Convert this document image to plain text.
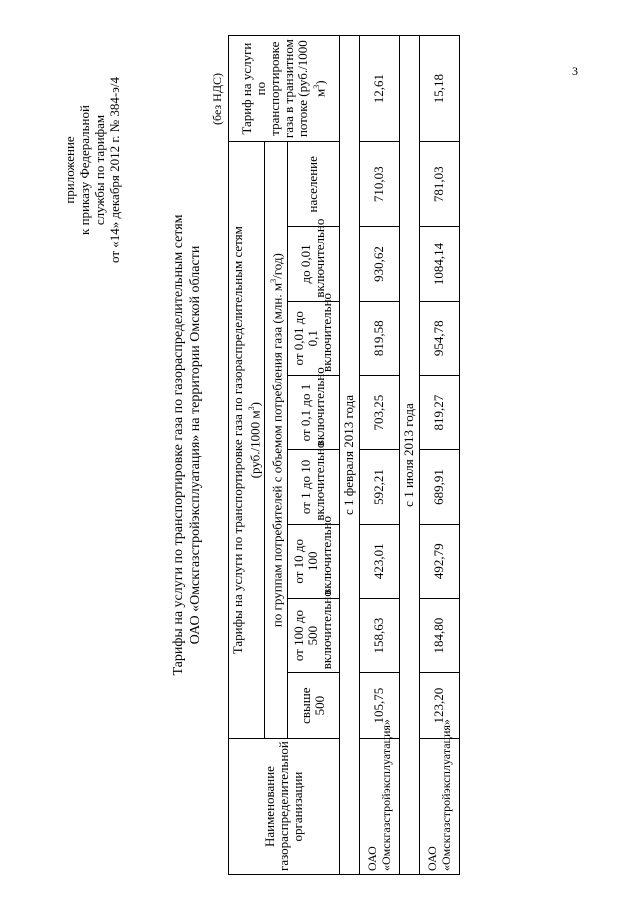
3
приложение к приказу Федеральной службы по тарифам от «14» декабря 2012 г. № 384-э/4
Тарифы на услуги по транспортировке газа по газораспределительным сетям ОАО «Омскгазстройэксплуатация» на территории Омской области
(без НДС)
Наименование газораспределительной организации	Тарифы на услуги по транспортировке газа по газораспределительным сетям (руб./1000 $м^3$)								Тариф на услуги по транспортировке газа в транзитном потоке (руб./1000 $м^3$)
	по группам потребителей с объемом потребления газа (млн. $м^3/год$)								
	свыше 500	от 100 до 500 включительно	от 10 до 100 включительно	от 1 до 10 включительно	от 0,1 до 1 включительно	от 0,01 до 0,1 включительно	до 0,01 включительно	население	
с 1 февраля 2013 года									
ОАО «Омскгазстройэксплуатация»	105,75	158,63	423,01	592,21	703,25	819,58	930,62	710,03	12,61
с 1 июля 2013 года									
ОАО «Омскгазстройэксплуатация»	123,20	184,80	492,79	689,91	819,27	954,78	1084,14	781,03	15,18
